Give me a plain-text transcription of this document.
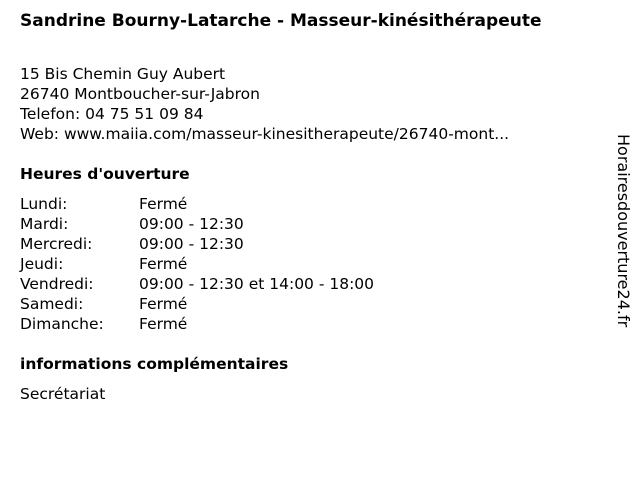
Sandrine Bourny-Latarche - Masseur-kinésithérapeute
15 Bis Chemin Guy Aubert
26740 Montboucher-sur-Jabron
Telefon: 04 75 51 09 84
Web: www.maiia.com/masseur-kinesitherapeute/26740-mont...
Heures d'ouverture
Lundi:	Fermé
Mardi:	09:00 - 12:30
Mercredi:	09:00 - 12:30
Jeudi:	Fermé
Vendredi:	09:00 - 12:30 et 14:00 - 18:00
Samedi:	Fermé
Dimanche: Fermé
informations complémentaires
Secrétariat
Horairesdouverture24.fr
